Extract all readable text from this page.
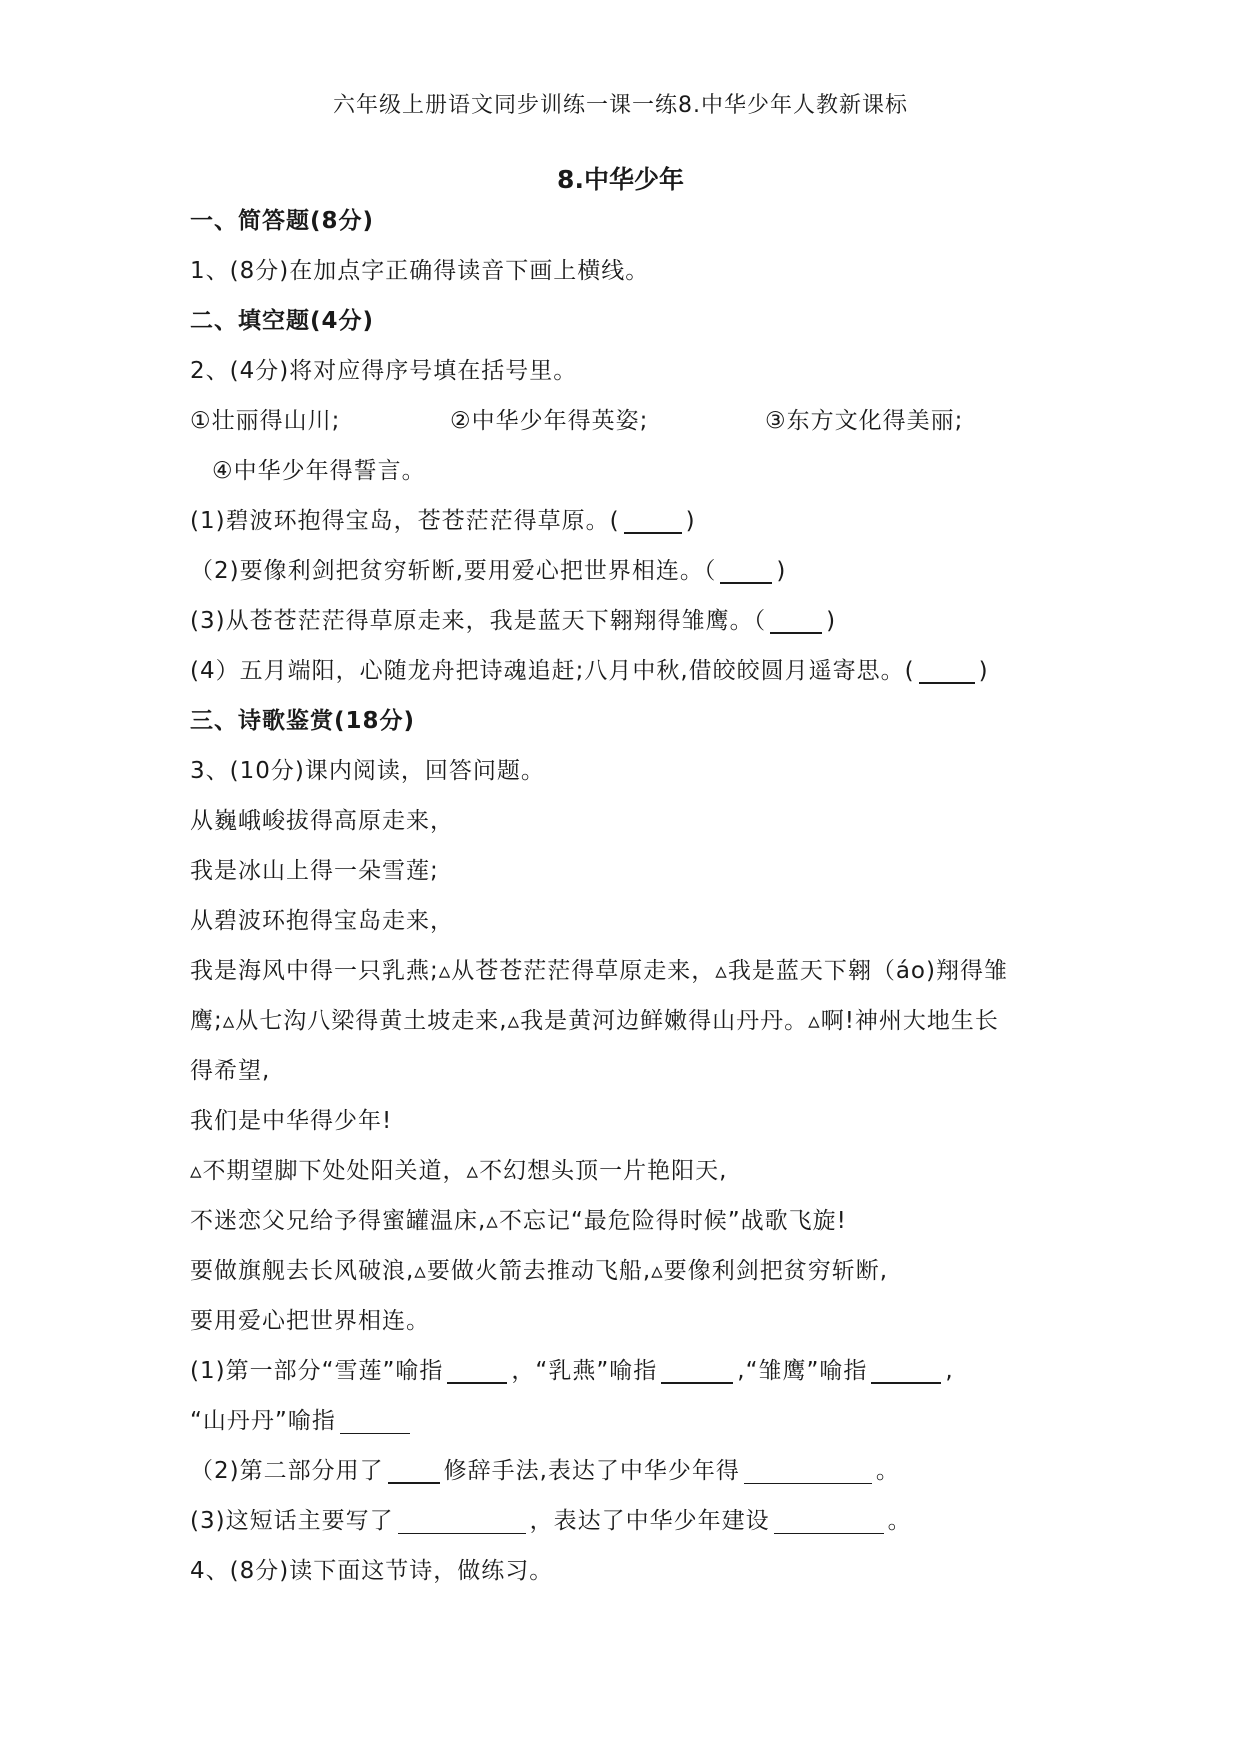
六年级上册语文同步训练一课一练8.中华少年人教新课标
8.中华少年
一、简答题(8分)
1、(8分)在加点字正确得读音下画上横线。
二、填空题(4分)
2、(4分)将对应得序号填在括号里。
①壮丽得山川;	②中华少年得英姿;	③东方文化得美丽;
④中华少年得誓言。
(1)碧波环抱得宝岛，苍苍茫茫得草原。(	)
（2)要像利剑把贫穷斩断,要用爱心把世界相连。（	)
(3)从苍苍茫茫得草原走来，我是蓝天下翱翔得雏鹰。（	)
(4）五月端阳，心随龙舟把诗魂追赶;八月中秋,借皎皎圆月遥寄思。(	)
三、诗歌鉴赏(18分)
3、(10分)课内阅读，回答问题。
从巍峨峻拔得高原走来，
我是冰山上得一朵雪莲;
从碧波环抱得宝岛走来，
我是海风中得一只乳燕;▵从苍苍茫茫得草原走来，▵我是蓝天下翱（áo)翔得雏
鹰;▵从七沟八梁得黄土坡走来,▵我是黄河边鲜嫩得山丹丹。▵啊!神州大地生长
得希望,
我们是中华得少年!
▵不期望脚下处处阳关道，▵不幻想头顶一片艳阳天,
不迷恋父兄给予得蜜罐温床,▵不忘记“最危险得时候”战歌飞旋!
要做旗舰去长风破浪,▵要做火箭去推动飞船,▵要像利剑把贫穷斩断,
要用爱心把世界相连。
(1)第一部分“雪莲”喻指	，“乳燕”喻指	,“雏鹰”喻指	,
“山丹丹”喻指
（2)第二部分用了	修辞手法,表达了中华少年得	。
(3)这短话主要写了	，表达了中华少年建设	。
4、(8分)读下面这节诗，做练习。
